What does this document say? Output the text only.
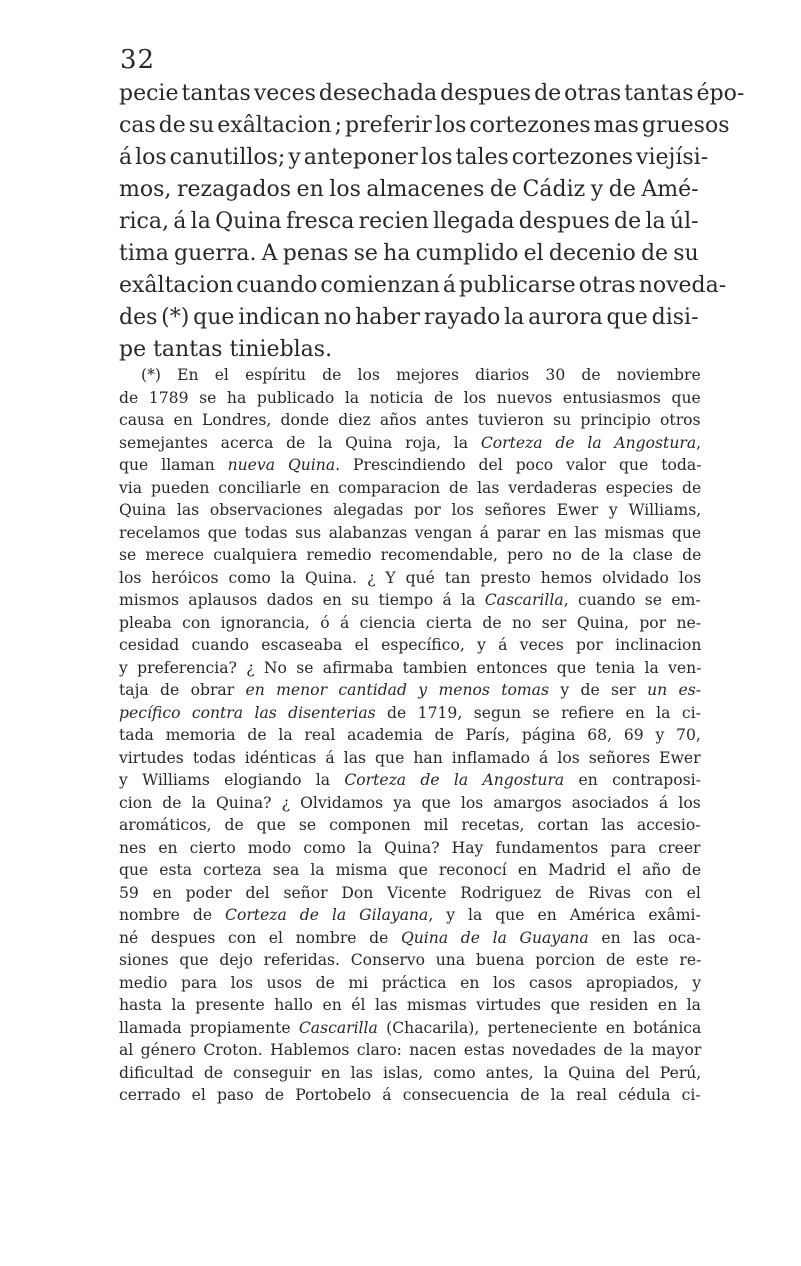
32
pecie tantas veces desechada despues de otras tantas épo-
cas de su exâltacion ; preferir los cortezones mas gruesos
á los canutillos; y anteponer los tales cortezones viejísi-
mos, rezagados en los almacenes de Cádiz y de Amé-
rica, á la Quina fresca recien llegada despues de la úl-
tima guerra. A penas se ha cumplido el decenio de su
exâltacion cuando comienzan á publicarse otras noveda-
des (*) que indican no haber rayado la aurora que disi-
pe tantas tinieblas.
(*) En el espíritu de los mejores diarios 30 de noviembre
de 1789 se ha publicado la noticia de los nuevos entusiasmos que
causa en Londres, donde diez años antes tuvieron su principio otros
semejantes acerca de la Quina roja, la Corteza de la Angostura,
que llaman nueva Quina. Prescindiendo del poco valor que toda-
via pueden conciliarle en comparacion de las verdaderas especies de
Quina las observaciones alegadas por los señores Ewer y Williams,
recelamos que todas sus alabanzas vengan á parar en las mismas que
se merece cualquiera remedio recomendable, pero no de la clase de
los heróicos como la Quina. ¿ Y qué tan presto hemos olvidado los
mismos aplausos dados en su tiempo á la Cascarilla, cuando se em-
pleaba con ignorancia, ó á ciencia cierta de no ser Quina, por ne-
cesidad cuando escaseaba el específico, y á veces por inclinacion
y preferencia? ¿ No se afirmaba tambien entonces que tenia la ven-
taja de obrar en menor cantidad y menos tomas y de ser un es-
pecífico contra las disenterias de 1719, segun se refiere en la ci-
tada memoria de la real academia de París, página 68, 69 y 70,
virtudes todas idénticas á las que han inflamado á los señores Ewer
y Williams elogiando la Corteza de la Angostura en contraposi-
cion de la Quina? ¿ Olvidamos ya que los amargos asociados á los
aromáticos, de que se componen mil recetas, cortan las accesio-
nes en cierto modo como la Quina? Hay fundamentos para creer
que esta corteza sea la misma que reconocí en Madrid el año de
59 en poder del señor Don Vicente Rodriguez de Rivas con el
nombre de Corteza de la Gilayana, y la que en América exâmi-
né despues con el nombre de Quina de la Guayana en las oca-
siones que dejo referidas. Conservo una buena porcion de este re-
medio para los usos de mi práctica en los casos apropiados, y
hasta la presente hallo en él las mismas virtudes que residen en la
llamada propiamente Cascarilla (Chacarila), perteneciente en botánica
al género Croton. Hablemos claro: nacen estas novedades de la mayor
dificultad de conseguir en las islas, como antes, la Quina del Perú,
cerrado el paso de Portobelo á consecuencia de la real cédula ci-
